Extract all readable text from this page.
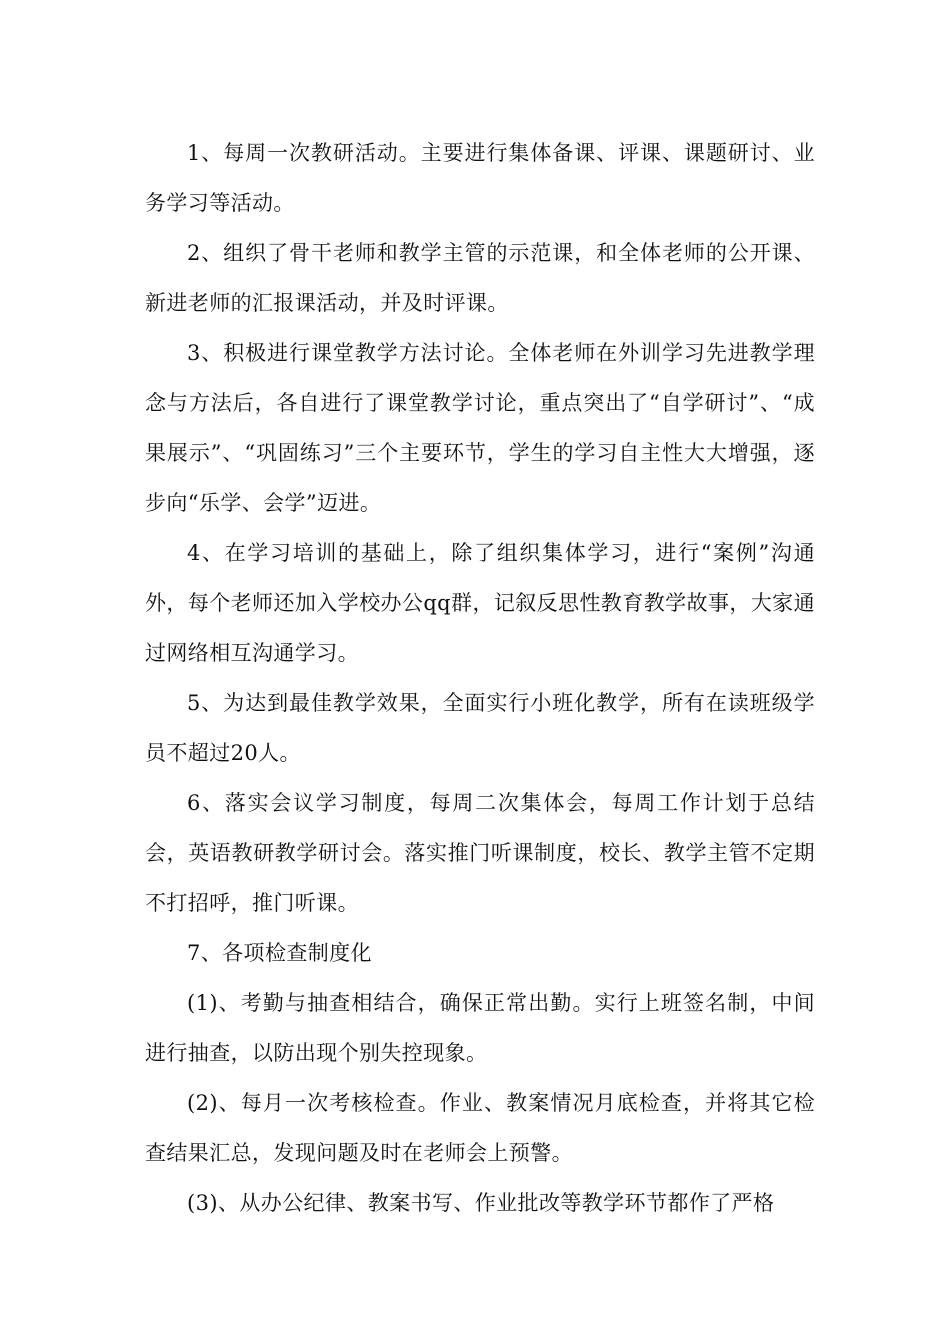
1、每周一次教研活动。主要进行集体备课、评课、课题研讨、业务学习等活动。

2、组织了骨干老师和教学主管的示范课，和全体老师的公开课、新进老师的汇报课活动，并及时评课。

3、积极进行课堂教学方法讨论。全体老师在外训学习先进教学理念与方法后，各自进行了课堂教学讨论，重点突出了“自学研讨”、“成果展示”、“巩固练习”三个主要环节，学生的学习自主性大大增强，逐步向“乐学、会学”迈进。

4、在学习培训的基础上，除了组织集体学习，进行“案例”沟通外，每个老师还加入学校办公qq群，记叙反思性教育教学故事，大家通过网络相互沟通学习。

5、为达到最佳教学效果，全面实行小班化教学，所有在读班级学员不超过20人。

6、落实会议学习制度，每周二次集体会，每周工作计划于总结会，英语教研教学研讨会。落实推门听课制度，校长、教学主管不定期不打招呼，推门听课。

7、各项检查制度化

(1)、考勤与抽查相结合，确保正常出勤。实行上班签名制，中间进行抽查，以防出现个别失控现象。

(2)、每月一次考核检查。作业、教案情况月底检查，并将其它检查结果汇总，发现问题及时在老师会上预警。

(3)、从办公纪律、教案书写、作业批改等教学环节都作了严格
